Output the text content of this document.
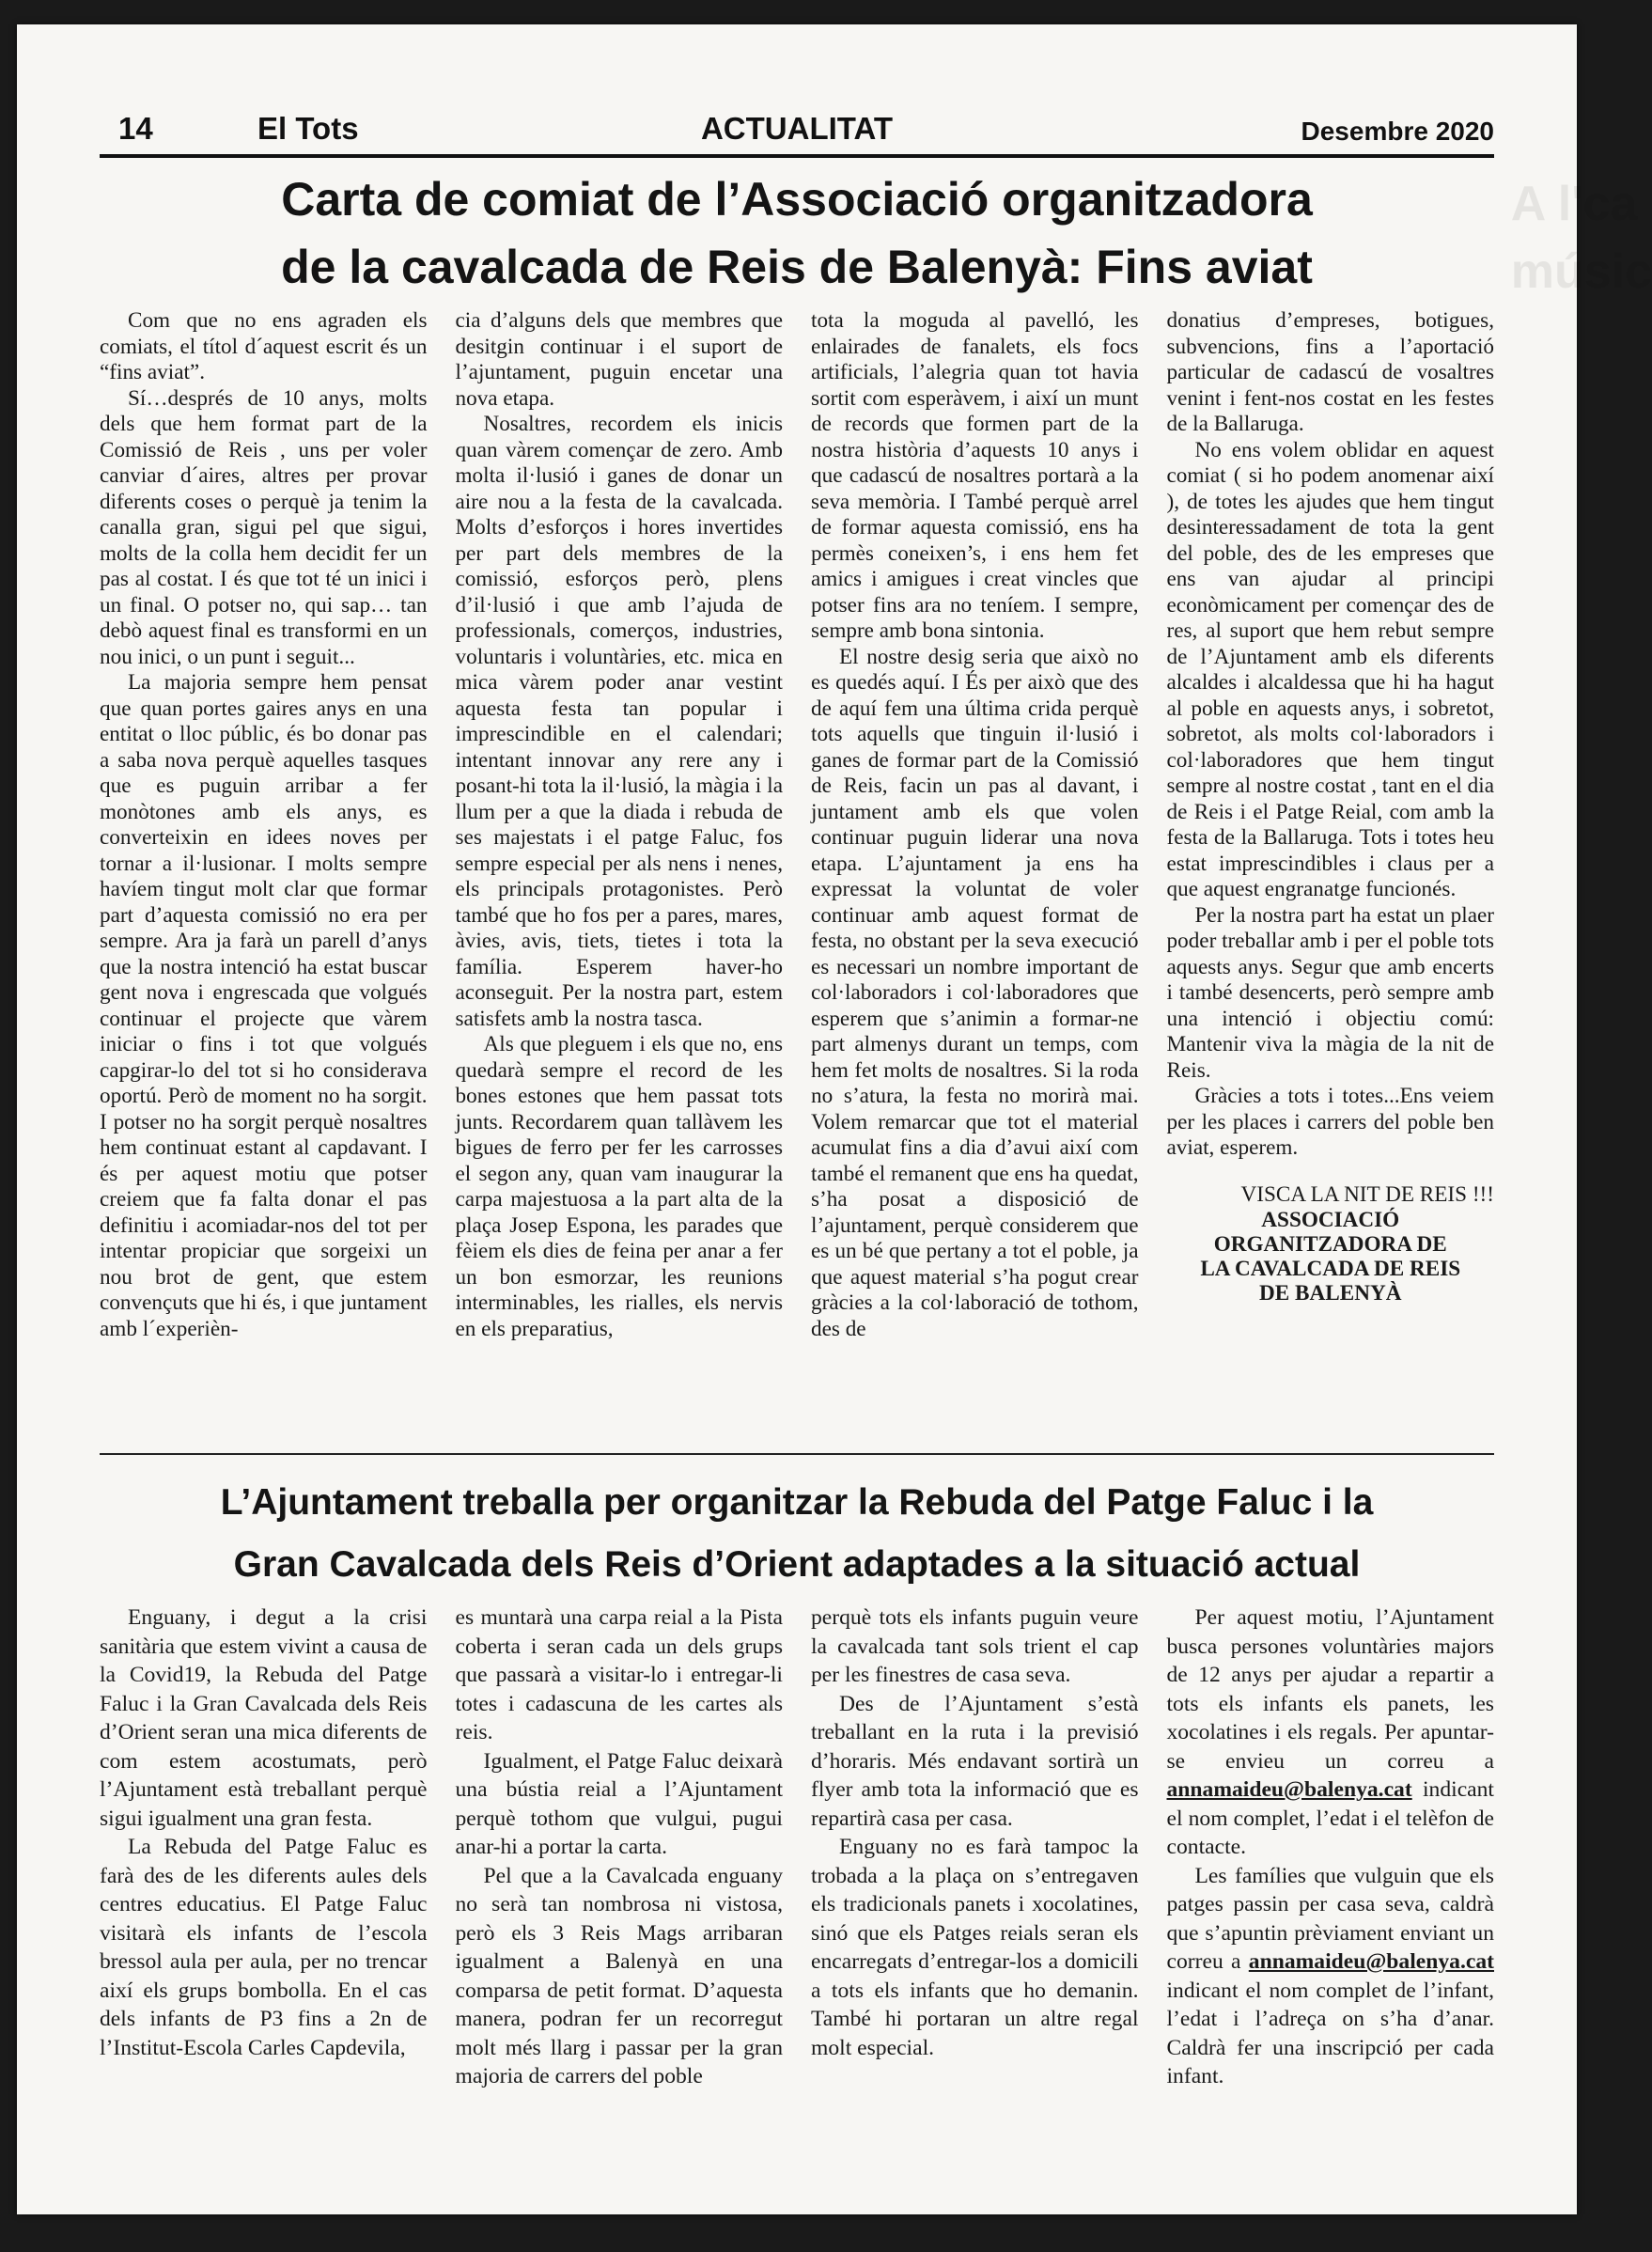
A l'ca
músic
14	El Tots	ACTUALITAT	Desembre 2020
Carta de comiat de l’Associació organitzadora
de la cavalcada de Reis de Balenyà: Fins aviat

Com que no ens agraden els comiats, el títol d´aquest escrit és un “fins aviat”.

Sí…després de 10 anys, molts dels que hem format part de la Comissió de Reis , uns per voler canviar d´aires, altres per provar diferents coses o perquè ja tenim la canalla gran, sigui pel que sigui, molts de la colla hem decidit fer un pas al costat. I és que tot té un inici i un final. O potser no, qui sap… tan debò aquest final es transformi en un nou inici, o un punt i seguit...

La majoria sempre hem pensat que quan portes gaires anys en una entitat o lloc públic, és bo donar pas a saba nova perquè aquelles tasques que es puguin arribar a fer monòtones amb els anys, es converteixin en idees noves per tornar a il·lusionar. I molts sempre havíem tingut molt clar que formar part d’aquesta comissió no era per sempre. Ara ja farà un parell d’anys que la nostra intenció ha estat buscar gent nova i engrescada que volgués continuar el projecte que vàrem iniciar o fins i tot que volgués capgirar-lo del tot si ho considerava oportú. Però de moment no ha sorgit. I potser no ha sorgit perquè nosaltres hem continuat estant al capdavant. I és per aquest motiu que potser creiem que fa falta donar el pas definitiu i acomiadar-nos del tot per intentar propiciar que sorgeixi un nou brot de gent, que estem convençuts que hi és, i que juntament amb l´experièn-

cia d’alguns dels que membres que desitgin continuar i el suport de l’ajuntament, puguin encetar una nova etapa.

Nosaltres, recordem els inicis quan vàrem començar de zero. Amb molta il·lusió i ganes de donar un aire nou a la festa de la cavalcada. Molts d’esforços i hores invertides per part dels membres de la comissió, esforços però, plens d’il·lusió i que amb l’ajuda de professionals, comerços, industries, voluntaris i voluntàries, etc. mica en mica vàrem poder anar vestint aquesta festa tan popular i imprescindible en el calendari; intentant innovar any rere any i posant-hi tota la il·lusió, la màgia i la llum per a que la diada i rebuda de ses majestats i el patge Faluc, fos sempre especial per als nens i nenes, els principals protagonistes. Però també que ho fos per a pares, mares, àvies, avis, tiets, tietes i tota la família. Esperem haver-ho aconseguit. Per la nostra part, estem satisfets amb la nostra tasca.

Als que pleguem i els que no, ens quedarà sempre el record de les bones estones que hem passat tots junts. Recordarem quan tallàvem les bigues de ferro per fer les carrosses el segon any, quan vam inaugurar la carpa majestuosa a la part alta de la plaça Josep Espona, les parades que fèiem els dies de feina per anar a fer un bon esmorzar, les reunions interminables, les rialles, els nervis en els preparatius,

tota la moguda al pavelló, les enlairades de fanalets, els focs artificials, l’alegria quan tot havia sortit com esperàvem, i així un munt de records que formen part de la nostra història d’aquests 10 anys i que cadascú de nosaltres portarà a la seva memòria. I També perquè arrel de formar aquesta comissió, ens ha permès coneixen’s, i ens hem fet amics i amigues i creat vincles que potser fins ara no teníem. I sempre, sempre amb bona sintonia.

El nostre desig seria que això no es quedés aquí. I És per això que des de aquí fem una última crida perquè tots aquells que tinguin il·lusió i ganes de formar part de la Comissió de Reis, facin un pas al davant, i juntament amb els que volen continuar puguin liderar una nova etapa. L’ajuntament ja ens ha expressat la voluntat de voler continuar amb aquest format de festa, no obstant per la seva execució es necessari un nombre important de col·laboradors i col·laboradores que esperem que s’animin a formar-ne part almenys durant un temps, com hem fet molts de nosaltres. Si la roda no s’atura, la festa no morirà mai. Volem remarcar que tot el material acumulat fins a dia d’avui així com també el remanent que ens ha quedat, s’ha posat a disposició de l’ajuntament, perquè considerem que es un bé que pertany a tot el poble, ja que aquest material s’ha pogut crear gràcies a la col·laboració de tothom, des de

donatius d’empreses, botigues, subvencions, fins a l’aportació particular de cadascú de vosaltres venint i fent-nos costat en les festes de la Ballaruga.

No ens volem oblidar en aquest comiat ( si ho podem anomenar així ), de totes les ajudes que hem tingut desinteressadament de tota la gent del poble, des de les empreses que ens van ajudar al principi econòmicament per començar des de res, al suport que hem rebut sempre de l’Ajuntament amb els diferents alcaldes i alcaldessa que hi ha hagut al poble en aquests anys, i sobretot, sobretot, als molts col·laboradors i col·laboradores que hem tingut sempre al nostre costat , tant en el dia de Reis i el Patge Reial, com amb la festa de la Ballaruga. Tots i totes heu estat imprescindibles i claus per a que aquest engranatge funcionés.

Per la nostra part ha estat un plaer poder treballar amb i per el poble tots aquests anys. Segur que amb encerts i també desencerts, però sempre amb una intenció i objectiu comú: Mantenir viva la màgia de la nit de Reis.

Gràcies a tots i totes...Ens veiem per les places i carrers del poble ben aviat, esperem.

VISCA LA NIT DE REIS !!!

ASSOCIACIÓ
ORGANITZADORA DE
LA CAVALCADA DE REIS
DE BALENYÀ

L’Ajuntament treballa per organitzar la Rebuda del Patge Faluc i la
Gran Cavalcada dels Reis d’Orient adaptades a la situació actual

Enguany, i degut a la crisi sanitària que estem vivint a causa de la Covid19, la Rebuda del Patge Faluc i la Gran Cavalcada dels Reis d’Orient seran una mica diferents de com estem acostumats, però l’Ajuntament està treballant perquè sigui igualment una gran festa.

La Rebuda del Patge Faluc es farà des de les diferents aules dels centres educatius. El Patge Faluc visitarà els infants de l’escola bressol aula per aula, per no trencar així els grups bombolla. En el cas dels infants de P3 fins a 2n de l’Institut-Escola Carles Capdevila,

es muntarà una carpa reial a la Pista coberta i seran cada un dels grups que passarà a visitar-lo i entregar-li totes i cadascuna de les cartes als reis.

Igualment, el Patge Faluc deixarà una bústia reial a l’Ajuntament perquè tothom que vulgui, pugui anar-hi a portar la carta.

Pel que a la Cavalcada enguany no serà tan nombrosa ni vistosa, però els 3 Reis Mags arribaran igualment a Balenyà en una comparsa de petit format. D’aquesta manera, podran fer un recorregut molt més llarg i passar per la gran majoria de carrers del poble

perquè tots els infants puguin veure la cavalcada tant sols trient el cap per les finestres de casa seva.

Des de l’Ajuntament s’està treballant en la ruta i la previsió d’horaris. Més endavant sortirà un flyer amb tota la informació que es repartirà casa per casa.

Enguany no es farà tampoc la trobada a la plaça on s’entregaven els tradicionals panets i xocolatines, sinó que els Patges reials seran els encarregats d’entregar-los a domicili a tots els infants que ho demanin. També hi portaran un altre regal molt especial.

Per aquest motiu, l’Ajuntament busca persones voluntàries majors de 12 anys per ajudar a repartir a tots els infants els panets, les xocolatines i els regals. Per apuntar-se envieu un correu a annamaideu@balenya.cat indicant el nom complet, l’edat i el telèfon de contacte.

Les famílies que vulguin que els patges passin per casa seva, caldrà que s’apuntin prèviament enviant un correu a annamaideu@balenya.cat indicant el nom complet de l’infant, l’edat i l’adreça on s’ha d’anar. Caldrà fer una inscripció per cada infant.
